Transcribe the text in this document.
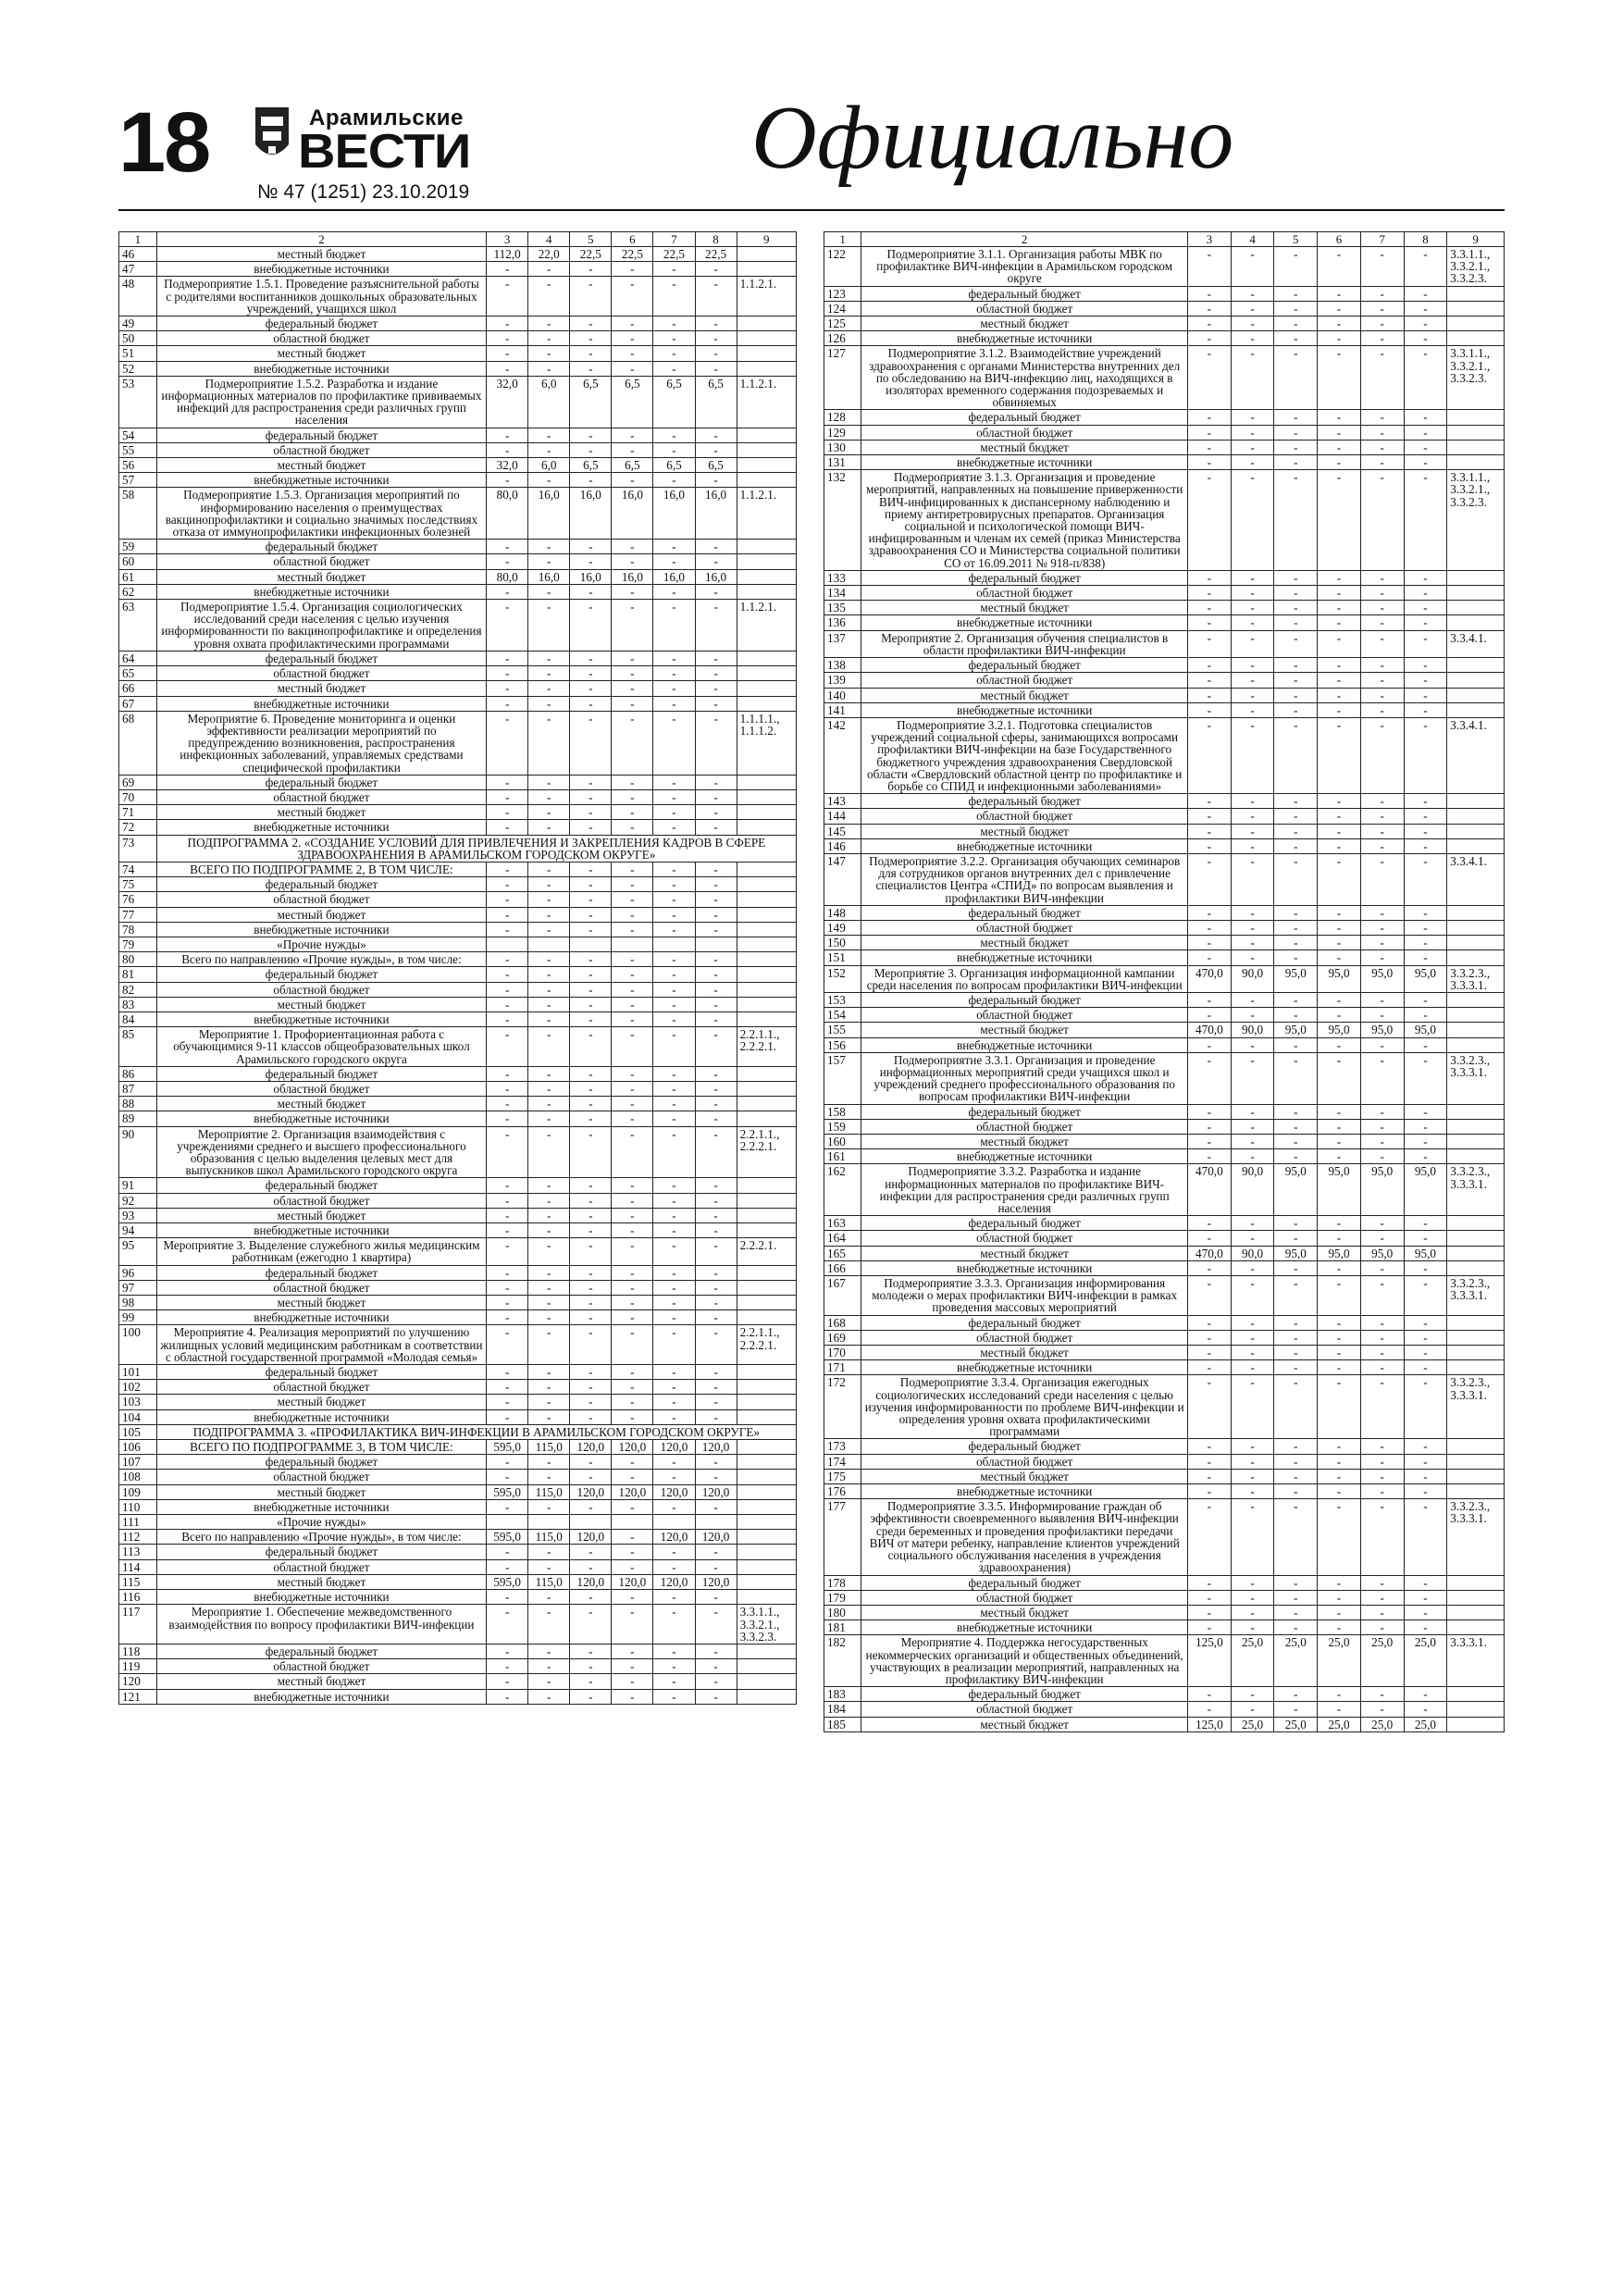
18	Арамильские
ВЕСТИ
№ 47 (1251) 23.10.2019
Официально
1	2	3	4	5	6	7	8	9
46	местный бюджет	112,0	22,0	22,5	22,5	22,5	22,5	
47	внебюджетные источники	-	-	-	-	-	-	
48	Подмероприятие 1.5.1. Проведение разъяснительной работы с родителями воспитанников дошкольных образовательных учреждений, учащихся школ	-	-	-	-	-	-	1.1.2.1.
49	федеральный бюджет	-	-	-	-	-	-	
50	областной бюджет	-	-	-	-	-	-	
51	местный бюджет	-	-	-	-	-	-	
52	внебюджетные источники	-	-	-	-	-	-	
53	Подмероприятие 1.5.2. Разработка и издание информационных материалов по профилактике прививаемых инфекций для распространения среди различных групп населения	32,0	6,0	6,5	6,5	6,5	6,5	1.1.2.1.
54	федеральный бюджет	-	-	-	-	-	-	
55	областной бюджет	-	-	-	-	-	-	
56	местный бюджет	32,0	6,0	6,5	6,5	6,5	6,5	
57	внебюджетные источники	-	-	-	-	-	-	
58	Подмероприятие 1.5.3. Организация мероприятий по информированию населения о преимуществах вакцинопрофилактики и социально значимых последствиях отказа от иммунопрофилактики инфекционных болезней	80,0	16,0	16,0	16,0	16,0	16,0	1.1.2.1.
59	федеральный бюджет	-	-	-	-	-	-	
60	областной бюджет	-	-	-	-	-	-	
61	местный бюджет	80,0	16,0	16,0	16,0	16,0	16,0	
62	внебюджетные источники	-	-	-	-	-	-	
63	Подмероприятие 1.5.4. Организация социологических исследований среди населения с целью изучения информированности по вакцинопрофилактике и определения уровня охвата профилактическими программами	-	-	-	-	-	-	1.1.2.1.
64	федеральный бюджет	-	-	-	-	-	-	
65	областной бюджет	-	-	-	-	-	-	
66	местный бюджет	-	-	-	-	-	-	
67	внебюджетные источники	-	-	-	-	-	-	
68	Мероприятие 6. Проведение мониторинга и оценки эффективности реализации мероприятий по предупреждению возникновения, распространения инфекционных заболеваний, управляемых средствами специфической профилактики	-	-	-	-	-	-	1.1.1.1., 1.1.1.2.
69	федеральный бюджет	-	-	-	-	-	-	
70	областной бюджет	-	-	-	-	-	-	
71	местный бюджет	-	-	-	-	-	-	
72	внебюджетные источники	-	-	-	-	-	-	
73	ПОДПРОГРАММА 2. «СОЗДАНИЕ УСЛОВИЙ ДЛЯ ПРИВЛЕЧЕНИЯ И ЗАКРЕПЛЕНИЯ КАДРОВ В СФЕРЕ ЗДРАВООХРАНЕНИЯ В АРАМИЛЬСКОМ ГОРОДСКОМ ОКРУГЕ»							
74	ВСЕГО ПО ПОДПРОГРАММЕ 2, В ТОМ ЧИСЛЕ:	-	-	-	-	-	-	
75	федеральный бюджет	-	-	-	-	-	-	
76	областной бюджет	-	-	-	-	-	-	
77	местный бюджет	-	-	-	-	-	-	
78	внебюджетные источники	-	-	-	-	-	-	
79	«Прочие нужды»							
80	Всего по направлению «Прочие нужды», в том числе:	-	-	-	-	-	-	
81	федеральный бюджет	-	-	-	-	-	-	
82	областной бюджет	-	-	-	-	-	-	
83	местный бюджет	-	-	-	-	-	-	
84	внебюджетные источники	-	-	-	-	-	-	
85	Мероприятие 1. Профориентационная работа с обучающимися 9-11 классов общеобразовательных школ Арамильского городского округа	-	-	-	-	-	-	2.2.1.1., 2.2.2.1.
86	федеральный бюджет	-	-	-	-	-	-	
87	областной бюджет	-	-	-	-	-	-	
88	местный бюджет	-	-	-	-	-	-	
89	внебюджетные источники	-	-	-	-	-	-	
90	Мероприятие 2. Организация взаимодействия с учреждениями среднего и высшего профессионального образования с целью выделения целевых мест для выпускников школ Арамильского городского округа	-	-	-	-	-	-	2.2.1.1., 2.2.2.1.
91	федеральный бюджет	-	-	-	-	-	-	
92	областной бюджет	-	-	-	-	-	-	
93	местный бюджет	-	-	-	-	-	-	
94	внебюджетные источники	-	-	-	-	-	-	
95	Мероприятие 3. Выделение служебного жилья медицинским работникам (ежегодно 1 квартира)	-	-	-	-	-	-	2.2.2.1.
96	федеральный бюджет	-	-	-	-	-	-	
97	областной бюджет	-	-	-	-	-	-	
98	местный бюджет	-	-	-	-	-	-	
99	внебюджетные источники	-	-	-	-	-	-	
100	Мероприятие 4. Реализация мероприятий по улучшению жилищных условий медицинским работникам в соответствии с областной государственной программой «Молодая семья»	-	-	-	-	-	-	2.2.1.1., 2.2.2.1.
101	федеральный бюджет	-	-	-	-	-	-	
102	областной бюджет	-	-	-	-	-	-	
103	местный бюджет	-	-	-	-	-	-	
104	внебюджетные источники	-	-	-	-	-	-	
105	ПОДПРОГРАММА 3. «ПРОФИЛАКТИКА ВИЧ-ИНФЕКЦИИ В АРАМИЛЬСКОМ ГОРОДСКОМ ОКРУГЕ»							
106	ВСЕГО ПО ПОДПРОГРАММЕ 3, В ТОМ ЧИСЛЕ:	595,0	115,0	120,0	120,0	120,0	120,0	
107	федеральный бюджет	-	-	-	-	-	-	
108	областной бюджет	-	-	-	-	-	-	
109	местный бюджет	595,0	115,0	120,0	120,0	120,0	120,0	
110	внебюджетные источники	-	-	-	-	-	-	
111	«Прочие нужды»							
112	Всего по направлению «Прочие нужды», в том числе:	595,0	115,0	120,0	-	120,0	120,0	
113	федеральный бюджет	-	-	-	-	-	-	
114	областной бюджет	-	-	-	-	-	-	
115	местный бюджет	595,0	115,0	120,0	120,0	120,0	120,0	
116	внебюджетные источники	-	-	-	-	-	-	
117	Мероприятие 1. Обеспечение межведомственного взаимодействия по вопросу профилактики ВИЧ-инфекции	-	-	-	-	-	-	3.3.1.1., 3.3.2.1., 3.3.2.3.
118	федеральный бюджет	-	-	-	-	-	-	
119	областной бюджет	-	-	-	-	-	-	
120	местный бюджет	-	-	-	-	-	-	
121	внебюджетные источники	-	-	-	-	-	-	
1	2	3	4	5	6	7	8	9
122	Подмероприятие 3.1.1. Организация работы МВК по профилактике ВИЧ-инфекции в Арамильском городском округе	-	-	-	-	-	-	3.3.1.1., 3.3.2.1., 3.3.2.3.
123	федеральный бюджет	-	-	-	-	-	-	
124	областной бюджет	-	-	-	-	-	-	
125	местный бюджет	-	-	-	-	-	-	
126	внебюджетные источники	-	-	-	-	-	-	
127	Подмероприятие 3.1.2. Взаимодействие учреждений здравоохранения с органами Министерства внутренних дел по обследованию на ВИЧ-инфекцию лиц, находящихся в изоляторах временного содержания подозреваемых и обвиняемых	-	-	-	-	-	-	3.3.1.1., 3.3.2.1., 3.3.2.3.
128	федеральный бюджет	-	-	-	-	-	-	
129	областной бюджет	-	-	-	-	-	-	
130	местный бюджет	-	-	-	-	-	-	
131	внебюджетные источники	-	-	-	-	-	-	
132	Подмероприятие 3.1.3. Организация и проведение мероприятий, направленных на повышение приверженности ВИЧ-инфицированных к диспансерному наблюдению и приему антиретровирусных препаратов. Организация социальной и психологической помощи ВИЧ-инфицированным и членам их семей (приказ Министерства здравоохранения СО и Министерства социальной политики СО от 16.09.2011 № 918-п/838)	-	-	-	-	-	-	3.3.1.1., 3.3.2.1., 3.3.2.3.
133	федеральный бюджет	-	-	-	-	-	-	
134	областной бюджет	-	-	-	-	-	-	
135	местный бюджет	-	-	-	-	-	-	
136	внебюджетные источники	-	-	-	-	-	-	
137	Мероприятие 2. Организация обучения специалистов в области профилактики ВИЧ-инфекции	-	-	-	-	-	-	3.3.4.1.
138	федеральный бюджет	-	-	-	-	-	-	
139	областной бюджет	-	-	-	-	-	-	
140	местный бюджет	-	-	-	-	-	-	
141	внебюджетные источники	-	-	-	-	-	-	
142	Подмероприятие 3.2.1. Подготовка специалистов учреждений социальной сферы, занимающихся вопросами профилактики ВИЧ-инфекции на базе Государственного бюджетного учреждения здравоохранения Свердловской области «Свердловский областной центр по профилактике и борьбе со СПИД и инфекционными заболеваниями»	-	-	-	-	-	-	3.3.4.1.
143	федеральный бюджет	-	-	-	-	-	-	
144	областной бюджет	-	-	-	-	-	-	
145	местный бюджет	-	-	-	-	-	-	
146	внебюджетные источники	-	-	-	-	-	-	
147	Подмероприятие 3.2.2. Организация обучающих семинаров для сотрудников органов внутренних дел с привлечение специалистов Центра «СПИД» по вопросам выявления и профилактики ВИЧ-инфекции	-	-	-	-	-	-	3.3.4.1.
148	федеральный бюджет	-	-	-	-	-	-	
149	областной бюджет	-	-	-	-	-	-	
150	местный бюджет	-	-	-	-	-	-	
151	внебюджетные источники	-	-	-	-	-	-	
152	Мероприятие 3. Организация информационной кампании среди населения по вопросам профилактики ВИЧ-инфекции	470,0	90,0	95,0	95,0	95,0	95,0	3.3.2.3., 3.3.3.1.
153	федеральный бюджет	-	-	-	-	-	-	
154	областной бюджет	-	-	-	-	-	-	
155	местный бюджет	470,0	90,0	95,0	95,0	95,0	95,0	
156	внебюджетные источники	-	-	-	-	-	-	
157	Подмероприятие 3.3.1. Организация и проведение информационных мероприятий среди учащихся школ и учреждений среднего профессионального образования по вопросам профилактики ВИЧ-инфекции	-	-	-	-	-	-	3.3.2.3., 3.3.3.1.
158	федеральный бюджет	-	-	-	-	-	-	
159	областной бюджет	-	-	-	-	-	-	
160	местный бюджет	-	-	-	-	-	-	
161	внебюджетные источники	-	-	-	-	-	-	
162	Подмероприятие 3.3.2. Разработка и издание информационных материалов по профилактике ВИЧ-инфекции для распространения среди различных групп населения	470,0	90,0	95,0	95,0	95,0	95,0	3.3.2.3., 3.3.3.1.
163	федеральный бюджет	-	-	-	-	-	-	
164	областной бюджет	-	-	-	-	-	-	
165	местный бюджет	470,0	90,0	95,0	95,0	95,0	95,0	
166	внебюджетные источники	-	-	-	-	-	-	
167	Подмероприятие 3.3.3. Организация информирования молодежи о мерах профилактики ВИЧ-инфекции в рамках проведения массовых мероприятий	-	-	-	-	-	-	3.3.2.3., 3.3.3.1.
168	федеральный бюджет	-	-	-	-	-	-	
169	областной бюджет	-	-	-	-	-	-	
170	местный бюджет	-	-	-	-	-	-	
171	внебюджетные источники	-	-	-	-	-	-	
172	Подмероприятие 3.3.4. Организация ежегодных социологических исследований среди населения с целью изучения информированности по проблеме ВИЧ-инфекции и определения уровня охвата профилактическими программами	-	-	-	-	-	-	3.3.2.3., 3.3.3.1.
173	федеральный бюджет	-	-	-	-	-	-	
174	областной бюджет	-	-	-	-	-	-	
175	местный бюджет	-	-	-	-	-	-	
176	внебюджетные источники	-	-	-	-	-	-	
177	Подмероприятие 3.3.5. Информирование граждан об эффективности своевременного выявления ВИЧ-инфекции среди беременных и проведения профилактики передачи ВИЧ от матери ребенку, направление клиентов учреждений социального обслуживания населения в учреждения здравоохранения)	-	-	-	-	-	-	3.3.2.3., 3.3.3.1.
178	федеральный бюджет	-	-	-	-	-	-	
179	областной бюджет	-	-	-	-	-	-	
180	местный бюджет	-	-	-	-	-	-	
181	внебюджетные источники	-	-	-	-	-	-	
182	Мероприятие 4. Поддержка негосударственных некоммерческих организаций и общественных объединений, участвующих в реализации мероприятий, направленных на профилактику ВИЧ-инфекции	125,0	25,0	25,0	25,0	25,0	25,0	3.3.3.1.
183	федеральный бюджет	-	-	-	-	-	-	
184	областной бюджет	-	-	-	-	-	-	
185	местный бюджет	125,0	25,0	25,0	25,0	25,0	25,0	
